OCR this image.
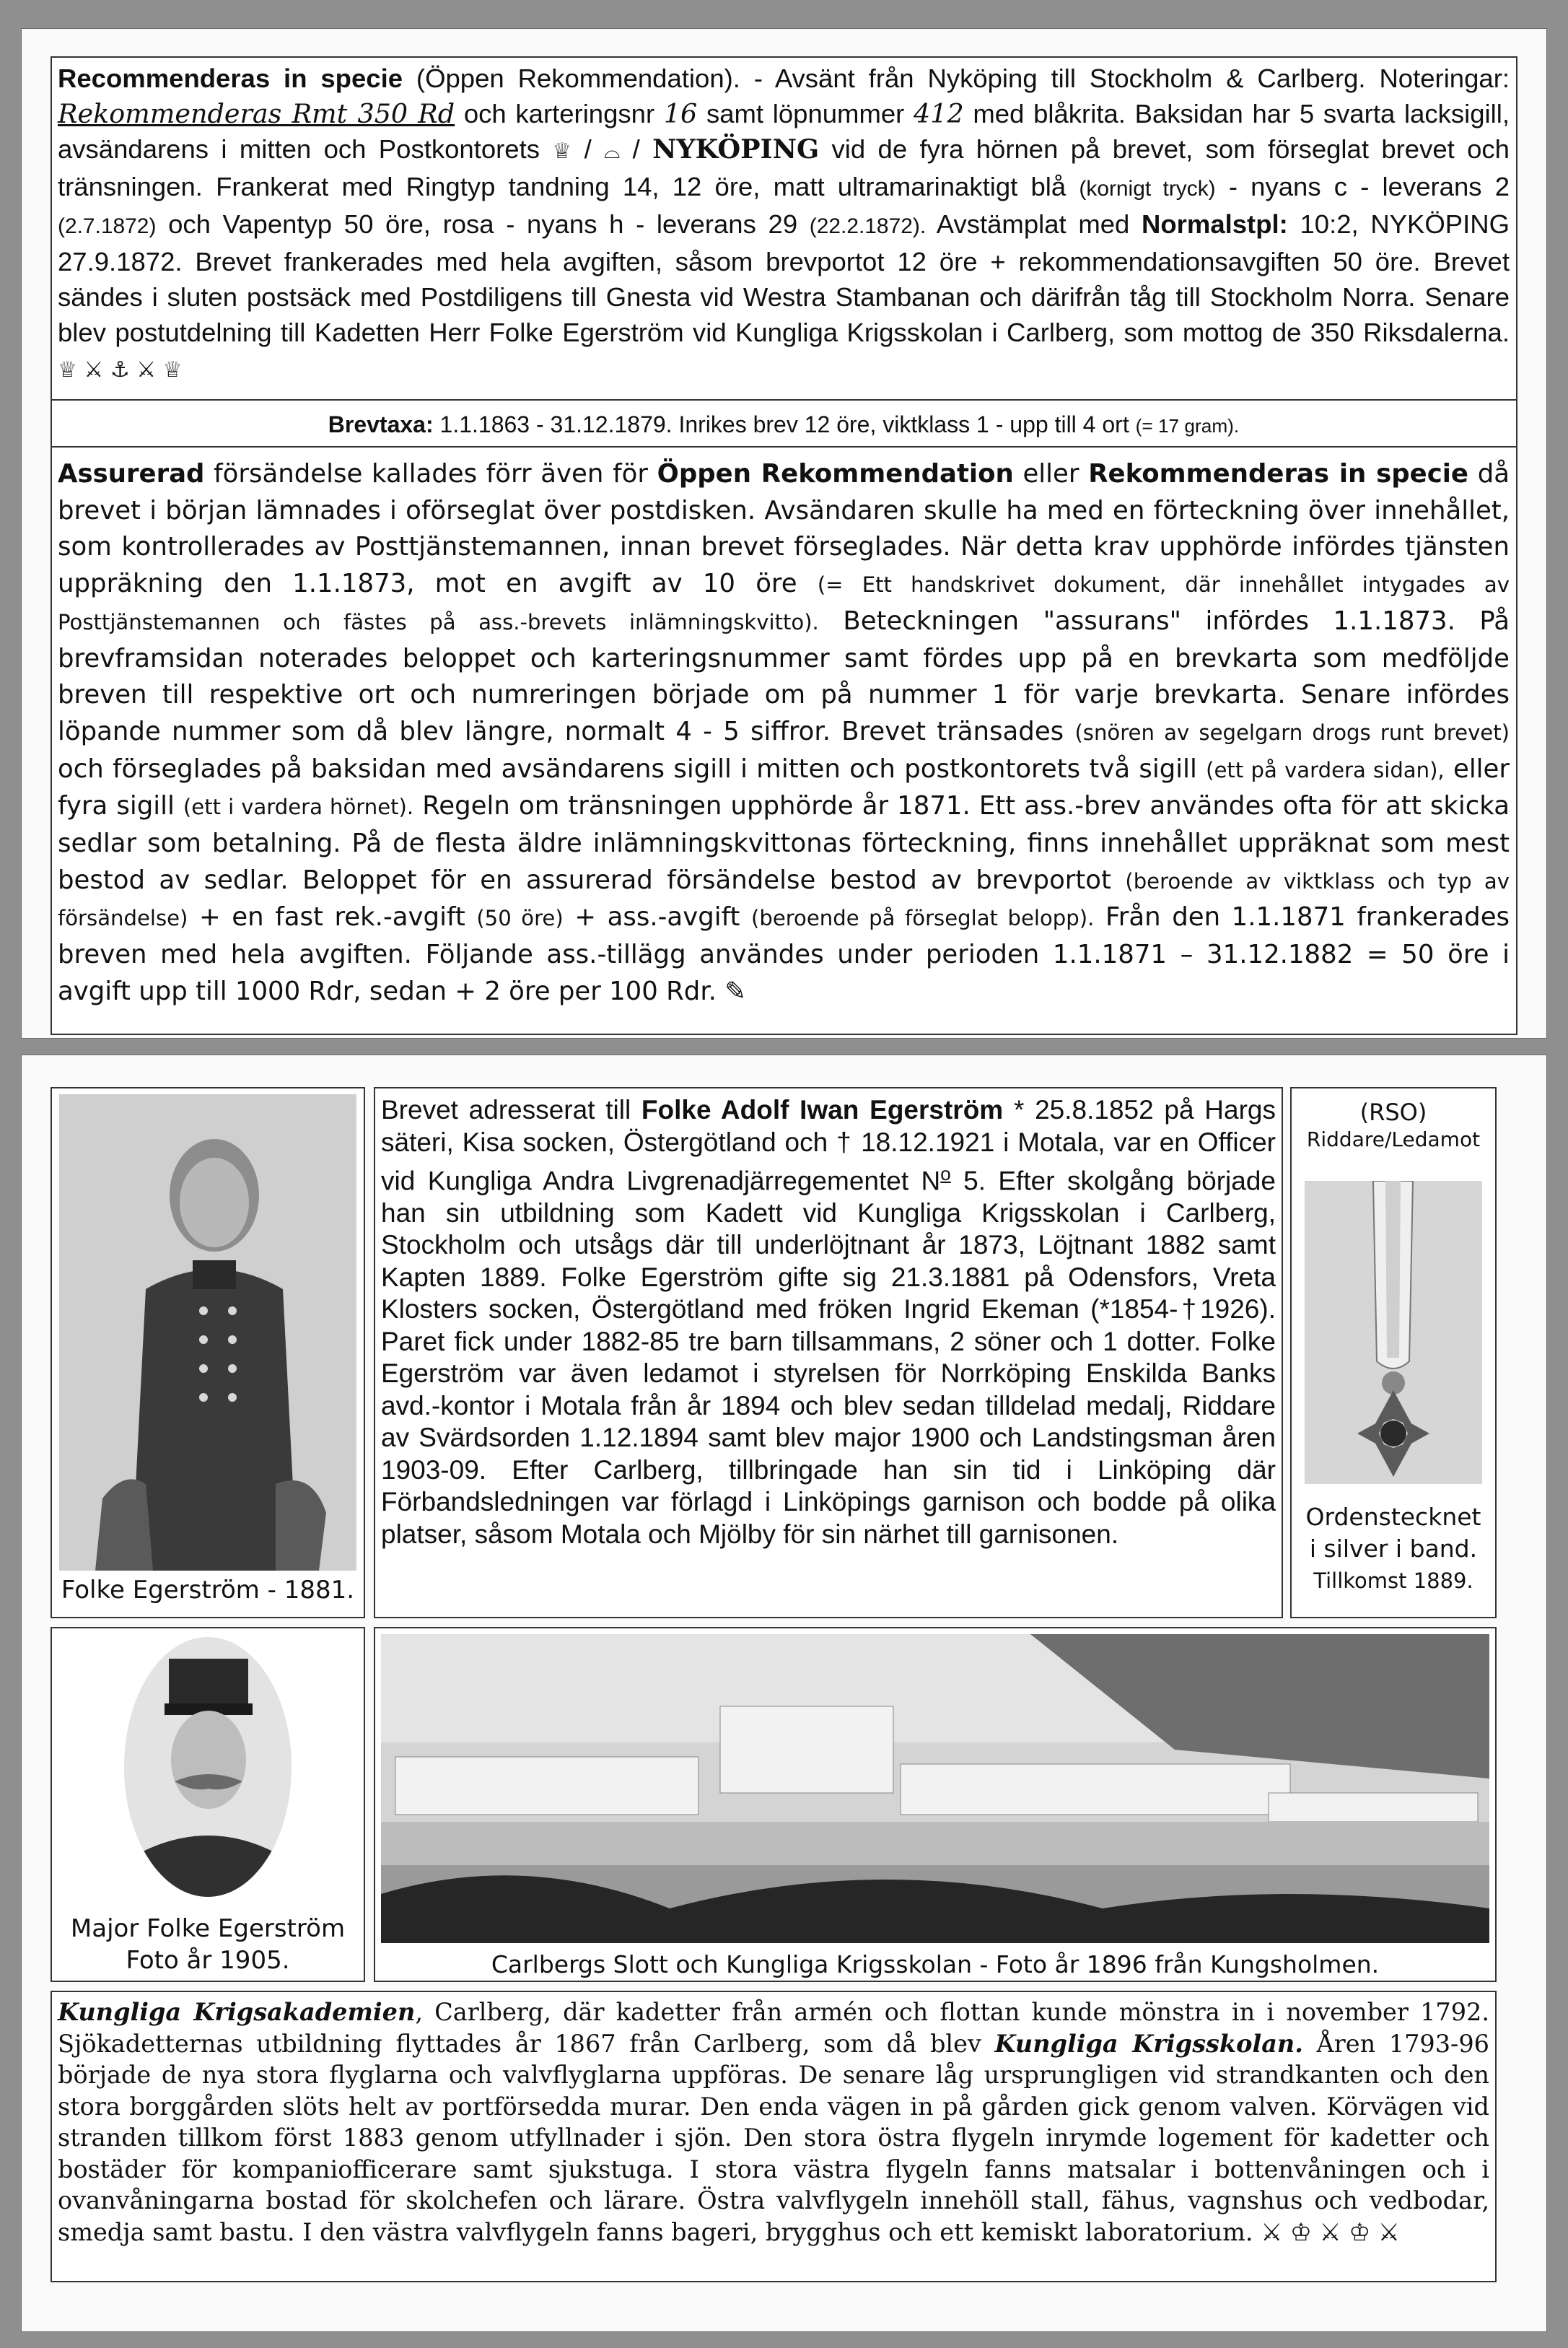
Recommenderas in specie (Öppen Rekommendation). - Avsänt från Nyköping till Stockholm & Carlberg. Noteringar: Rekommenderas Rmt 350 Rd och karteringsnr 16 samt löpnummer 412 med blåkrita. Baksidan har 5 svarta lacksigill, avsändarens i mitten och Postkontorets ♕ / ⌓ / NYKÖPING vid de fyra hörnen på brevet, som förseglat brevet och tränsningen. Frankerat med Ringtyp tandning 14, 12 öre, matt ultramarinaktigt blå (kornigt tryck) - nyans c - leverans 2 (2.7.1872) och Vapentyp 50 öre, rosa - nyans h - leverans 29 (22.2.1872). Avstämplat med Normalstpl: 10:2, NYKÖPING 27.9.1872. Brevet frankerades med hela avgiften, såsom brevportot 12 öre + rekommendationsavgiften 50 öre. Brevet sändes i sluten postsäck med Postdiligens till Gnesta vid Westra Stambanan och därifrån tåg till Stockholm Norra. Senare blev postutdelning till Kadetten Herr Folke Egerström vid Kungliga Krigsskolan i Carlberg, som mottog de 350 Riksdalerna. ♕ ⚔ ⚓ ⚔ ♕

Brevtaxa: 1.1.1863 - 31.12.1879. Inrikes brev 12 öre, viktklass 1 - upp till 4 ort (= 17 gram).

Assurerad försändelse kallades förr även för Öppen Rekommendation eller Rekommenderas in specie då brevet i början lämnades i oförseglat över postdisken. Avsändaren skulle ha med en förteckning över innehållet, som kontrollerades av Posttjänstemannen, innan brevet förseglades. När detta krav upphörde infördes tjänsten uppräkning den 1.1.1873, mot en avgift av 10 öre (= Ett handskrivet dokument, där innehållet intygades av Posttjänstemannen och fästes på ass.-brevets inlämningskvitto). Beteckningen "assurans" infördes 1.1.1873. På brevframsidan noterades beloppet och karteringsnummer samt fördes upp på en brevkarta som medföljde breven till respektive ort och numreringen började om på nummer 1 för varje brevkarta. Senare infördes löpande nummer som då blev längre, normalt 4 - 5 siffror. Brevet tränsades (snören av segelgarn drogs runt brevet) och förseglades på baksidan med avsändarens sigill i mitten och postkontorets två sigill (ett på vardera sidan), eller fyra sigill (ett i vardera hörnet). Regeln om tränsningen upphörde år 1871. Ett ass.-brev användes ofta för att skicka sedlar som betalning. På de flesta äldre inlämningskvittonas förteckning, finns innehållet uppräknat som mest bestod av sedlar. Beloppet för en assurerad försändelse bestod av brevportot (beroende av viktklass och typ av försändelse) + en fast rek.-avgift (50 öre) + ass.-avgift (beroende på förseglat belopp). Från den 1.1.1871 frankerades breven med hela avgiften. Följande ass.-tillägg användes under perioden 1.1.1871 – 31.12.1882 = 50 öre i avgift upp till 1000 Rdr, sedan + 2 öre per 100 Rdr. ✎

Folke Egerström - 1881.

Brevet adresserat till Folke Adolf Iwan Egerström * 25.8.1852 på Hargs säteri, Kisa socken, Östergötland och † 18.12.1921 i Motala, var en Officer vid Kungliga Andra Livgrenadjärregementet $N^o$ 5. Efter skolgång började han sin utbildning som Kadett vid Kungliga Krigsskolan i Carlberg, Stockholm och utsågs där till underlöjtnant år 1873, Löjtnant 1882 samt Kapten 1889. Folke Egerström gifte sig 21.3.1881 på Odensfors, Vreta Klosters socken, Östergötland med fröken Ingrid Ekeman (*1854-†1926). Paret fick under 1882-85 tre barn tillsammans, 2 söner och 1 dotter. Folke Egerström var även ledamot i styrelsen för Norrköping Enskilda Banks avd.-kontor i Motala från år 1894 och blev sedan tilldelad medalj, Riddare av Svärdsorden 1.12.1894 samt blev major 1900 och Landstingsman åren 1903-09. Efter Carlberg, tillbringade han sin tid i Linköping där Förbandsledningen var förlagd i Linköpings garnison och bodde på olika platser, såsom Motala och Mjölby för sin närhet till garnisonen.

(RSO)
Riddare/Ledamot
Ordenstecknet
i silver i band.
Tillkomst 1889.
Major Folke Egerström
Foto år 1905.	Carlbergs Slott och Kungliga Krigsskolan - Foto år 1896 från Kungsholmen.

Kungliga Krigsakademien, Carlberg, där kadetter från armén och flottan kunde mönstra in i november 1792. Sjökadetternas utbildning flyttades år 1867 från Carlberg, som då blev Kungliga Krigsskolan. Åren 1793-96 började de nya stora flyglarna och valvflyglarna uppföras. De senare låg ursprungligen vid strandkanten och den stora borggården slöts helt av portförsedda murar. Den enda vägen in på gården gick genom valven. Körvägen vid stranden tillkom först 1883 genom utfyllnader i sjön. Den stora östra flygeln inrymde logement för kadetter och bostäder för kompaniofficerare samt sjukstuga. I stora västra flygeln fanns matsalar i bottenvåningen och i ovanvåningarna bostad för skolchefen och lärare. Östra valvflygeln innehöll stall, fähus, vagnshus och vedbodar, smedja samt bastu. I den västra valvflygeln fanns bageri, brygghus och ett kemiskt laboratorium. ⚔ ♔ ⚔ ♔ ⚔
